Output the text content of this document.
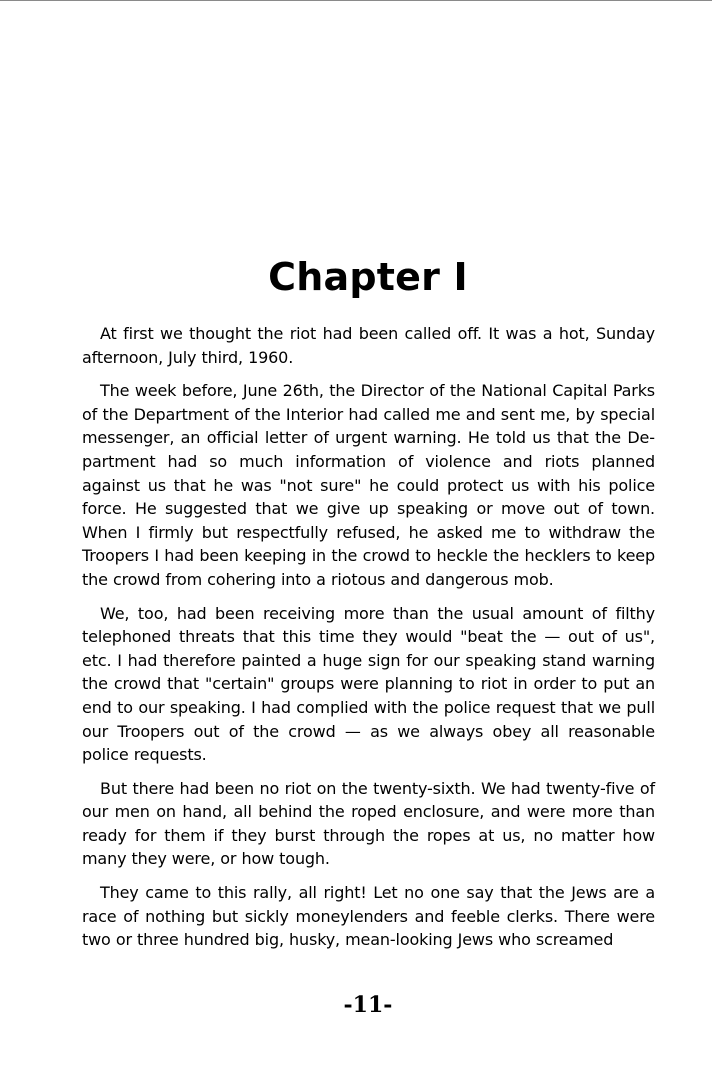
Chapter I

At first we thought the riot had been called off. It was a hot, Sunday afternoon, July third, 1960.

The week before, June 26th, the Director of the National Capital Parks of the Department of the Interior had called me and sent me, by special messenger, an official letter of urgent warning. He told us that the Department had so much information of violence and riots planned against us that he was "not sure" he could protect us with his police force. He suggested that we give up speaking or move out of town. When I firmly but respectfully refused, he asked me to withdraw the Troopers I had been keeping in the crowd to heckle the hecklers to keep the crowd from cohering into a riotous and dangerous mob.

We, too, had been receiving more than the usual amount of filthy telephoned threats that this time they would "beat the — out of us", etc. I had therefore painted a huge sign for our speaking stand warning the crowd that "certain" groups were planning to riot in order to put an end to our speaking. I had complied with the police request that we pull our Troopers out of the crowd — as we always obey all reasonable police requests.

But there had been no riot on the twenty-sixth. We had twenty-five of our men on hand, all behind the roped enclosure, and were more than ready for them if they burst through the ropes at us, no matter how many they were, or how tough.

They came to this rally, all right! Let no one say that the Jews are a race of nothing but sickly moneylenders and feeble clerks. There were two or three hundred big, husky, mean-looking Jews who screamed

-11-
